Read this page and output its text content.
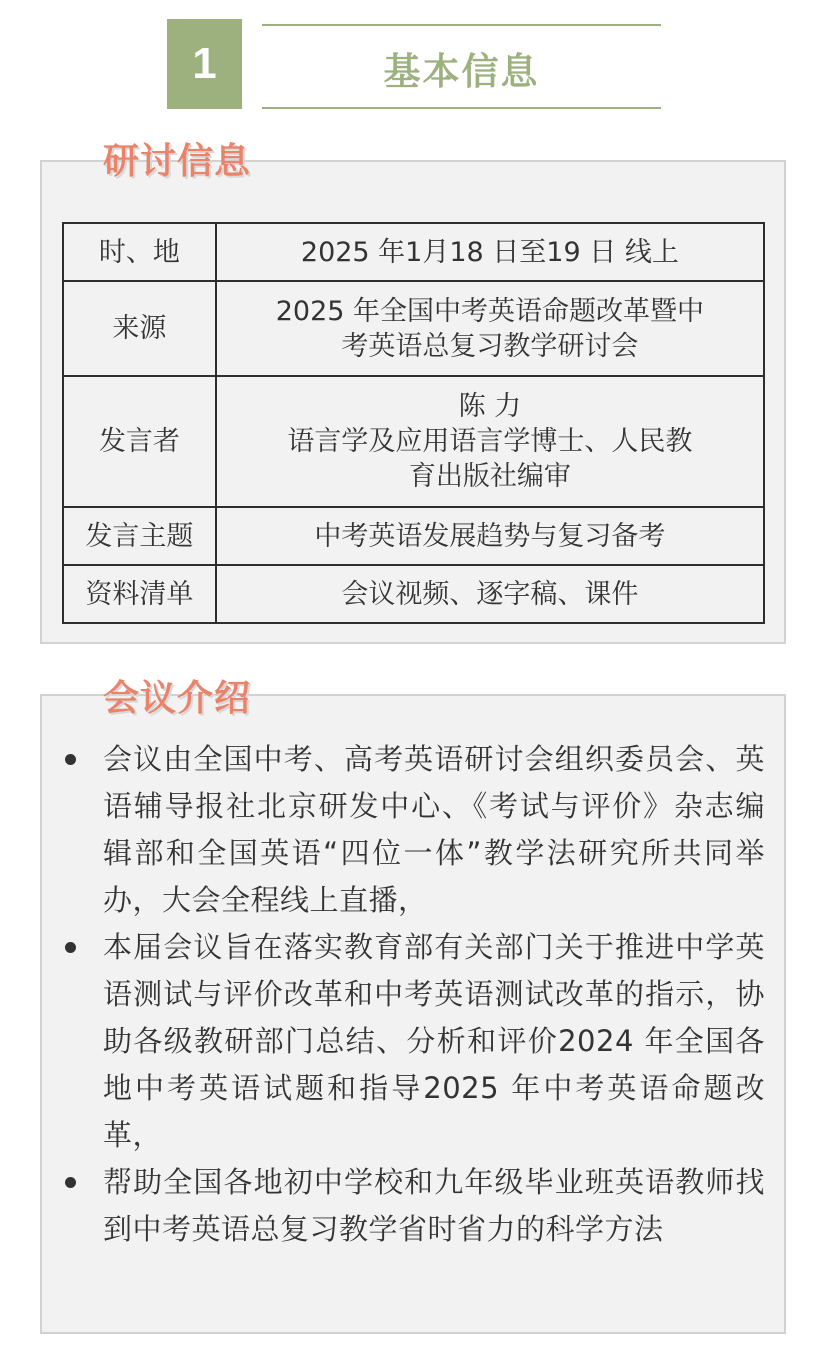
1	基本信息
研讨信息
时、地	2025 年1月18 日至19 日 线上

来源	2025 年全国中考英语命题改革暨中
考英语总复习教学研讨会

发言者	陈 力
语言学及应用语言学博士、人民教
育出版社编审

发言主题	中考英语发展趋势与复习备考

资料清单	会议视频、逐字稿、课件
会议介绍
会议由全国中考、高考英语研讨会组织委员会、英语辅导报社北京研发中心、《考试与评价》杂志编辑部和全国英语“四位一体”教学法研究所共同举办，大会全程线上直播，
本届会议旨在落实教育部有关部门关于推进中学英语测试与评价改革和中考英语测试改革的指示，协助各级教研部门总结、分析和评价2024 年全国各地中考英语试题和指导2025 年中考英语命题改革，
帮助全国各地初中学校和九年级毕业班英语教师找到中考英语总复习教学省时省力的科学方法
